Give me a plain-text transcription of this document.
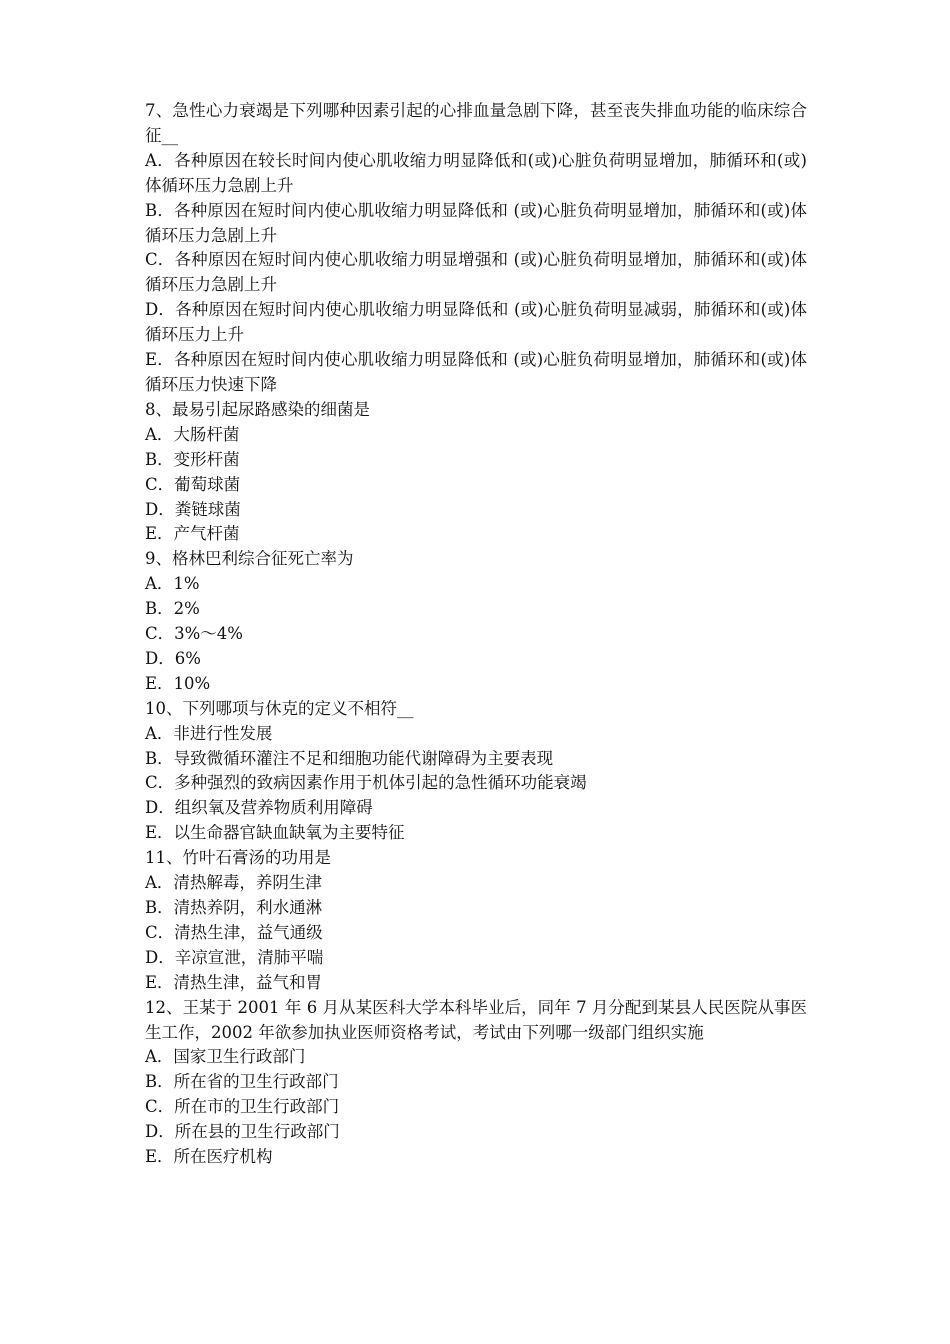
7、急性心力衰竭是下列哪种因素引起的心排血量急剧下降，甚至丧失排血功能的临床综合征__
A．各种原因在较长时间内使心肌收缩力明显降低和(或)心脏负荷明显增加，肺循环和(或)体循环压力急剧上升
B．各种原因在短时间内使心肌收缩力明显降低和 (或)心脏负荷明显增加，肺循环和(或)体循环压力急剧上升
C．各种原因在短时间内使心肌收缩力明显增强和 (或)心脏负荷明显增加，肺循环和(或)体循环压力急剧上升
D．各种原因在短时间内使心肌收缩力明显降低和 (或)心脏负荷明显减弱，肺循环和(或)体循环压力上升
E．各种原因在短时间内使心肌收缩力明显降低和 (或)心脏负荷明显增加，肺循环和(或)体循环压力快速下降
8、最易引起尿路感染的细菌是
A．大肠杆菌
B．变形杆菌
C．葡萄球菌
D．粪链球菌
E．产气杆菌
9、格林巴利综合征死亡率为
A．1%
B．2%
C．3%～4%
D．6%
E．10%
10、下列哪项与休克的定义不相符__
A．非进行性发展
B．导致微循环灌注不足和细胞功能代谢障碍为主要表现
C．多种强烈的致病因素作用于机体引起的急性循环功能衰竭
D．组织氧及营养物质利用障碍
E．以生命器官缺血缺氧为主要特征
11、竹叶石膏汤的功用是
A．清热解毒，养阴生津
B．清热养阴，利水通淋
C．清热生津，益气通级
D．辛凉宣泄，清肺平喘
E．清热生津，益气和胃
12、王某于 2001 年 6 月从某医科大学本科毕业后，同年 7 月分配到某县人民医院从事医生工作，2002 年欲参加执业医师资格考试，考试由下列哪一级部门组织实施
A．国家卫生行政部门
B．所在省的卫生行政部门
C．所在市的卫生行政部门
D．所在县的卫生行政部门
E．所在医疗机构
